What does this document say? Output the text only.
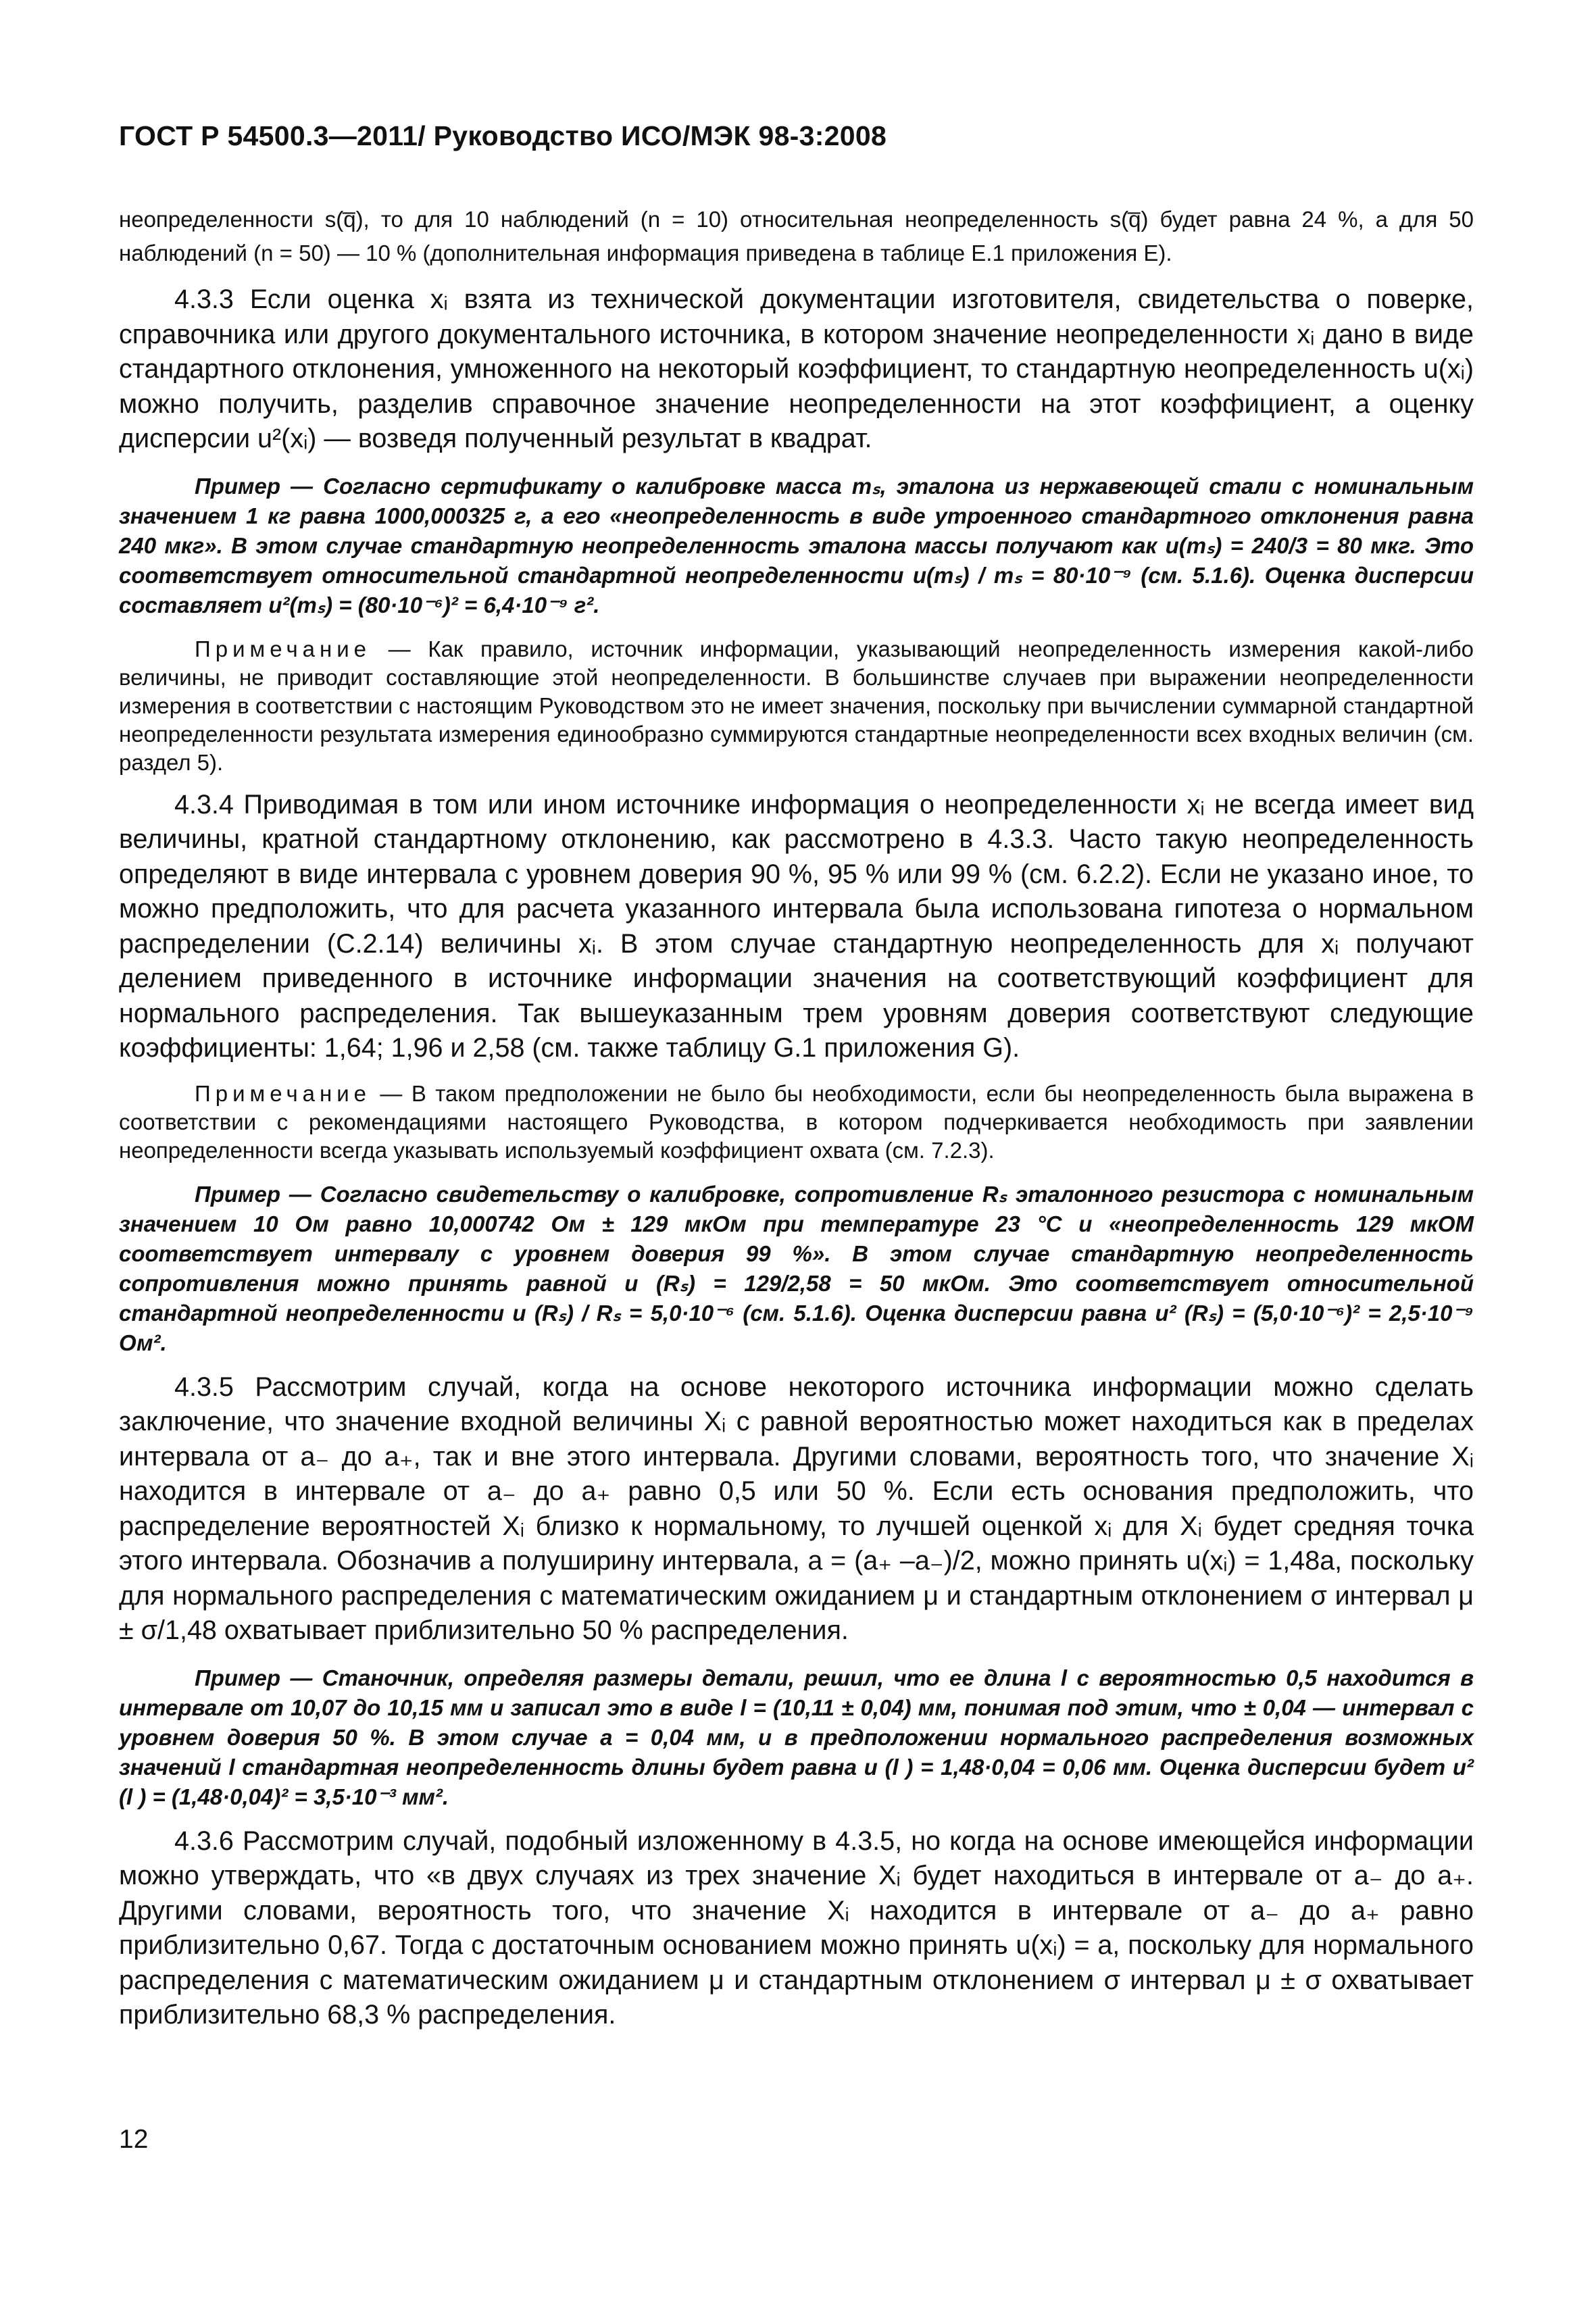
ГОСТ Р 54500.3—2011/ Руководство ИСО/МЭК 98-3:2008

неопределенности s(q̅), то для 10 наблюдений (n = 10) относительная неопределенность s(q̅) будет равна 24 %, а для 50 наблюдений (n = 50) — 10 % (дополнительная информация приведена в таблице Е.1 приложения Е).

4.3.3 Если оценка xᵢ взята из технической документации изготовителя, свидетельства о поверке, справочника или другого документального источника, в котором значение неопределенности xᵢ дано в виде стандартного отклонения, умноженного на некоторый коэффициент, то стандартную неопределенность u(xᵢ) можно получить, разделив справочное значение неопределенности на этот коэффициент, а оценку дисперсии u²(xᵢ) — возведя полученный результат в квадрат.

Пример — Согласно сертификату о калибровке масса mₛ, эталона из нержавеющей стали с номинальным значением 1 кг равна 1000,000325 г, а его «неопределенность в виде утроенного стандартного отклонения равна 240 мкг». В этом случае стандартную неопределенность эталона массы получают как u(mₛ) = 240/3 = 80 мкг. Это соответствует относительной стандартной неопределенности u(mₛ) / mₛ = 80·10⁻⁹ (см. 5.1.6). Оценка дисперсии составляет u²(mₛ) = (80·10⁻⁶)² = 6,4·10⁻⁹ г².

Примечание — Как правило, источник информации, указывающий неопределенность измерения какой-либо величины, не приводит составляющие этой неопределенности. В большинстве случаев при выражении неопределенности измерения в соответствии с настоящим Руководством это не имеет значения, поскольку при вычислении суммарной стандартной неопределенности результата измерения единообразно суммируются стандартные неопределенности всех входных величин (см. раздел 5).

4.3.4 Приводимая в том или ином источнике информация о неопределенности xᵢ не всегда имеет вид величины, кратной стандартному отклонению, как рассмотрено в 4.3.3. Часто такую неопределенность определяют в виде интервала с уровнем доверия 90 %, 95 % или 99 % (см. 6.2.2). Если не указано иное, то можно предположить, что для расчета указанного интервала была использована гипотеза о нормальном распределении (С.2.14) величины xᵢ. В этом случае стандартную неопределенность для xᵢ получают делением приведенного в источнике информации значения на соответствующий коэффициент для нормального распределения. Так вышеуказанным трем уровням доверия соответствуют следующие коэффициенты: 1,64; 1,96 и 2,58 (см. также таблицу G.1 приложения G).

Примечание — В таком предположении не было бы необходимости, если бы неопределенность была выражена в соответствии с рекомендациями настоящего Руководства, в котором подчеркивается необходимость при заявлении неопределенности всегда указывать используемый коэффициент охвата (см. 7.2.3).

Пример — Согласно свидетельству о калибровке, сопротивление Rₛ эталонного резистора с номинальным значением 10 Ом равно 10,000742 Ом ± 129 мкОм при температуре 23 °С и «неопределенность 129 мкОМ соответствует интервалу с уровнем доверия 99 %». В этом случае стандартную неопределенность сопротивления можно принять равной u (Rₛ) = 129/2,58 = 50 мкОм. Это соответствует относительной стандартной неопределенности u (Rₛ) / Rₛ = 5,0·10⁻⁶ (см. 5.1.6). Оценка дисперсии равна u² (Rₛ) = (5,0·10⁻⁶)² = 2,5·10⁻⁹ Ом².

4.3.5 Рассмотрим случай, когда на основе некоторого источника информации можно сделать заключение, что значение входной величины Xᵢ с равной вероятностью может находиться как в пределах интервала от a₋ до a₊, так и вне этого интервала. Другими словами, вероятность того, что значение Xᵢ находится в интервале от a₋ до a₊ равно 0,5 или 50 %. Если есть основания предположить, что распределение вероятностей Xᵢ близко к нормальному, то лучшей оценкой xᵢ для Xᵢ будет средняя точка этого интервала. Обозначив а полуширину интервала, a = (a₊ –a₋)/2, можно принять u(xᵢ) = 1,48a, поскольку для нормального распределения с математическим ожиданием μ и стандартным отклонением σ интервал μ ± σ/1,48 охватывает приблизительно 50 % распределения.

Пример — Станочник, определяя размеры детали, решил, что ее длина l с вероятностью 0,5 находится в интервале от 10,07 до 10,15 мм и записал это в виде l = (10,11 ± 0,04) мм, понимая под этим, что ± 0,04 — интервал с уровнем доверия 50 %. В этом случае а = 0,04 мм, и в предположении нормального распределения возможных значений l стандартная неопределенность длины будет равна u (l ) = 1,48·0,04 = 0,06 мм. Оценка дисперсии будет u² (l ) = (1,48·0,04)² = 3,5·10⁻³ мм².

4.3.6 Рассмотрим случай, подобный изложенному в 4.3.5, но когда на основе имеющейся информации можно утверждать, что «в двух случаях из трех значение Xᵢ будет находиться в интервале от a₋ до a₊. Другими словами, вероятность того, что значение Xᵢ находится в интервале от a₋ до a₊ равно приблизительно 0,67. Тогда с достаточным основанием можно принять u(xᵢ) = a, поскольку для нормального распределения с математическим ожиданием μ и стандартным отклонением σ интервал μ ± σ охватывает приблизительно 68,3 % распределения.

12
